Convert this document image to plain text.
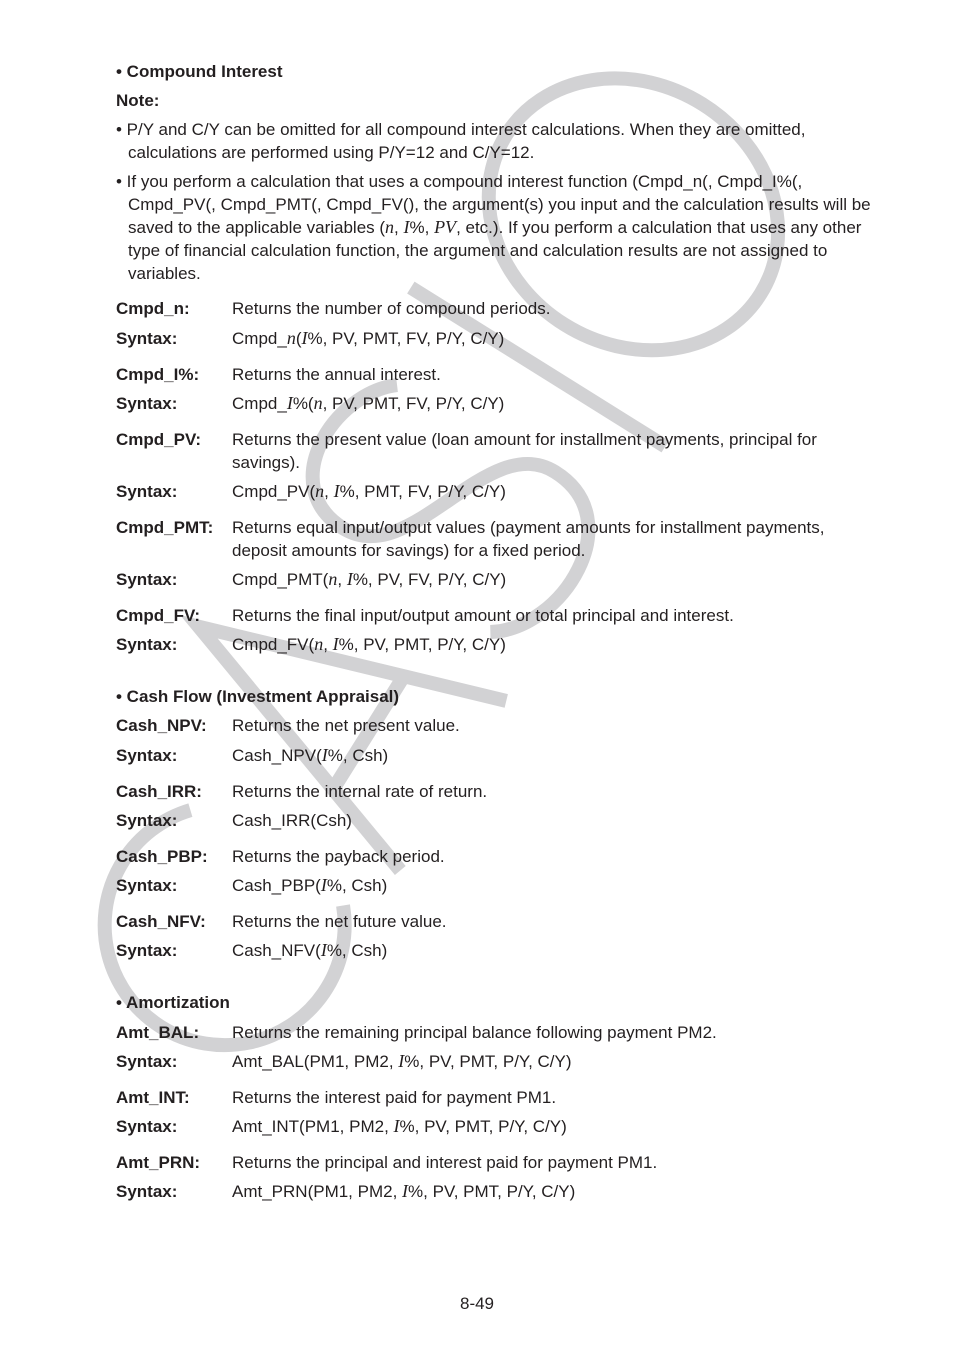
• Compound Interest
Note:
• P/Y and C/Y can be omitted for all compound interest calculations. When they are omitted, calculations are performed using P/Y=12 and C/Y=12.
• If you perform a calculation that uses a compound interest function (Cmpd_n(, Cmpd_I%(, Cmpd_PV(, Cmpd_PMT(, Cmpd_FV(), the argument(s) you input and the calculation results will be saved to the applicable variables (n, I%, PV, etc.). If you perform a calculation that uses any other type of financial calculation function, the argument and calculation results are not assigned to variables.
Cmpd_n: Returns the number of compound periods.
Syntax:	Cmpd_n(I%, PV, PMT, FV, P/Y, C/Y)
Cmpd_I%: Returns the annual interest.
Syntax:	Cmpd_I%(n, PV, PMT, FV, P/Y, C/Y)
Cmpd_PV: Returns the present value (loan amount for installment payments, principal for savings).
Syntax:	Cmpd_PV(n, I%, PMT, FV, P/Y, C/Y)
Cmpd_PMT: Returns equal input/output values (payment amounts for installment payments, deposit amounts for savings) for a fixed period.
Syntax:	Cmpd_PMT(n, I%, PV, FV, P/Y, C/Y)
Cmpd_FV: Returns the final input/output amount or total principal and interest.
Syntax:	Cmpd_FV(n, I%, PV, PMT, P/Y, C/Y)
• Cash Flow (Investment Appraisal)
Cash_NPV: Returns the net present value.
Syntax:	Cash_NPV(I%, Csh)
Cash_IRR: Returns the internal rate of return.
Syntax:	Cash_IRR(Csh)
Cash_PBP: Returns the payback period.
Syntax:	Cash_PBP(I%, Csh)
Cash_NFV: Returns the net future value.
Syntax:	Cash_NFV(I%, Csh)
• Amortization
Amt_BAL: Returns the remaining principal balance following payment PM2.
Syntax:	Amt_BAL(PM1, PM2, I%, PV, PMT, P/Y, C/Y)
Amt_INT: Returns the interest paid for payment PM1.
Syntax:	Amt_INT(PM1, PM2, I%, PV, PMT, P/Y, C/Y)
Amt_PRN: Returns the principal and interest paid for payment PM1.
Syntax:	Amt_PRN(PM1, PM2, I%, PV, PMT, P/Y, C/Y)
8-49
